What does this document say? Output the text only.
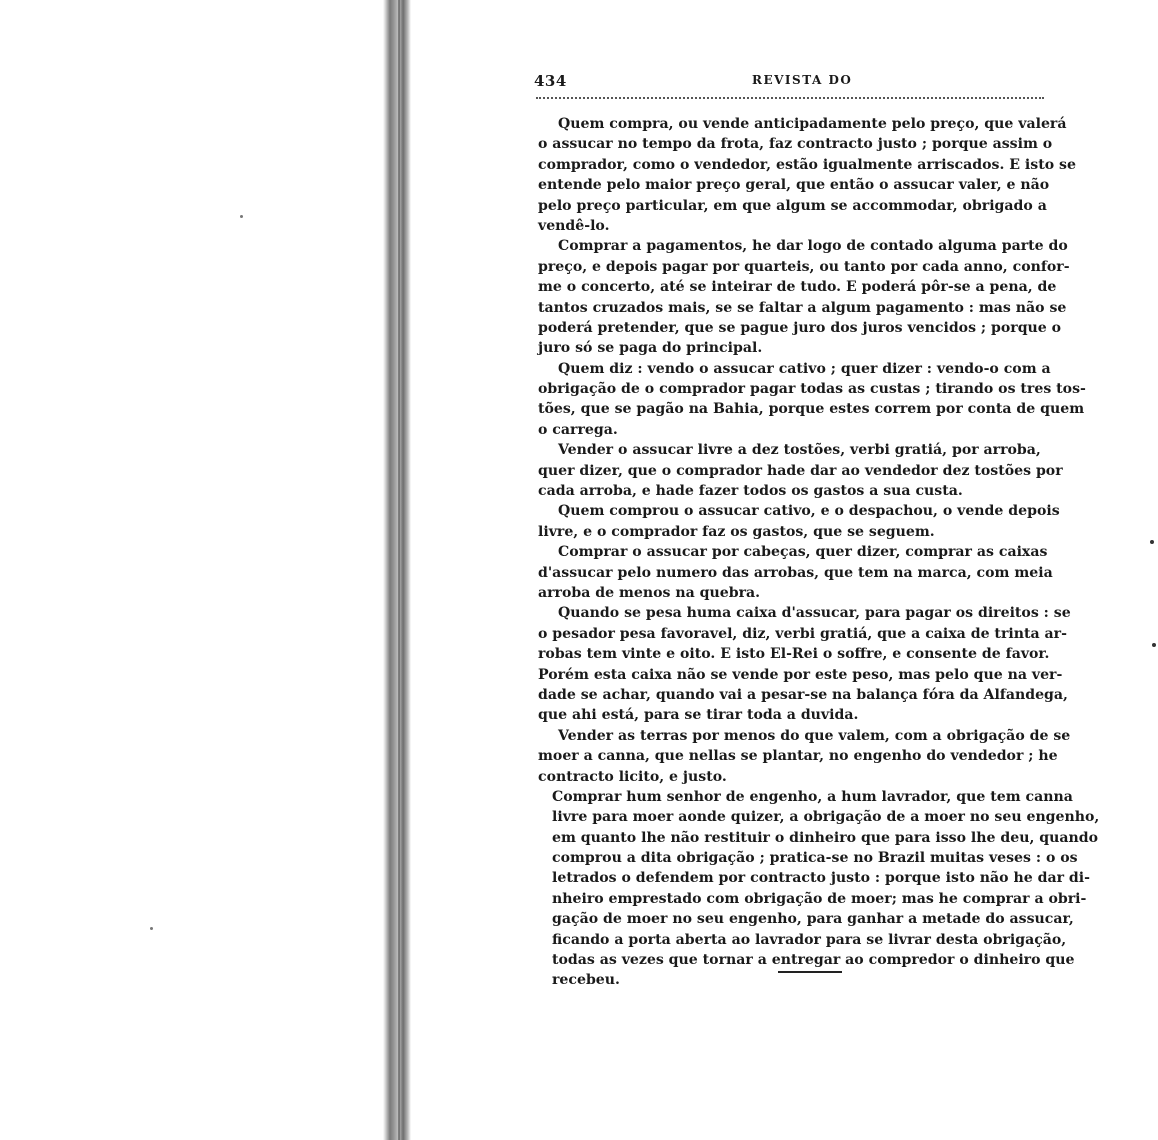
434	REVISTA DO
Quem compra, ou vende anticipadamente pelo preço, que valerá
o assucar no tempo da frota, faz contracto justo ; porque assim o
comprador, como o vendedor, estão igualmente arriscados. E isto se
entende pelo maior preço geral, que então o assucar valer, e não
pelo preço particular, em que algum se accommodar, obrigado a
vendê-lo.
Comprar a pagamentos, he dar logo de contado alguma parte do
preço, e depois pagar por quarteis, ou tanto por cada anno, confor-
me o concerto, até se inteirar de tudo. E poderá pôr-se a pena, de
tantos cruzados mais, se se faltar a algum pagamento : mas não se
poderá pretender, que se pague juro dos juros vencidos ; porque o
juro só se paga do principal.
Quem diz : vendo o assucar cativo ; quer dizer : vendo-o com a
obrigação de o comprador pagar todas as custas ; tirando os tres tos-
tões, que se pagão na Bahia, porque estes correm por conta de quem
o carrega.
Vender o assucar livre a dez tostões, verbi gratiá, por arroba,
quer dizer, que o comprador hade dar ao vendedor dez tostões por
cada arroba, e hade fazer todos os gastos a sua custa.
Quem comprou o assucar cativo, e o despachou, o vende depois
livre, e o comprador faz os gastos, que se seguem.
Comprar o assucar por cabeças, quer dizer, comprar as caixas
d'assucar pelo numero das arrobas, que tem na marca, com meia
arroba de menos na quebra.
Quando se pesa huma caixa d'assucar, para pagar os direitos : se
o pesador pesa favoravel, diz, verbi gratiá, que a caixa de trinta ar-
robas tem vinte e oito. E isto El-Rei o soffre, e consente de favor.
Porém esta caixa não se vende por este peso, mas pelo que na ver-
dade se achar, quando vai a pesar-se na balança fóra da Alfandega,
que ahi está, para se tirar toda a duvida.
Vender as terras por menos do que valem, com a obrigação de se
moer a canna, que nellas se plantar, no engenho do vendedor ; he
contracto licito, e justo.
Comprar hum senhor de engenho, a hum lavrador, que tem canna
livre para moer aonde quizer, a obrigação de a moer no seu engenho,
em quanto lhe não restituir o dinheiro que para isso lhe deu, quando
comprou a dita obrigação ; pratica-se no Brazil muitas veses : o os
letrados o defendem por contracto justo : porque isto não he dar di-
nheiro emprestado com obrigação de moer; mas he comprar a obri-
gação de moer no seu engenho, para ganhar a metade do assucar,
ficando a porta aberta ao lavrador para se livrar desta obrigação,
todas as vezes que tornar a entregar ao compredor o dinheiro que
recebeu.
